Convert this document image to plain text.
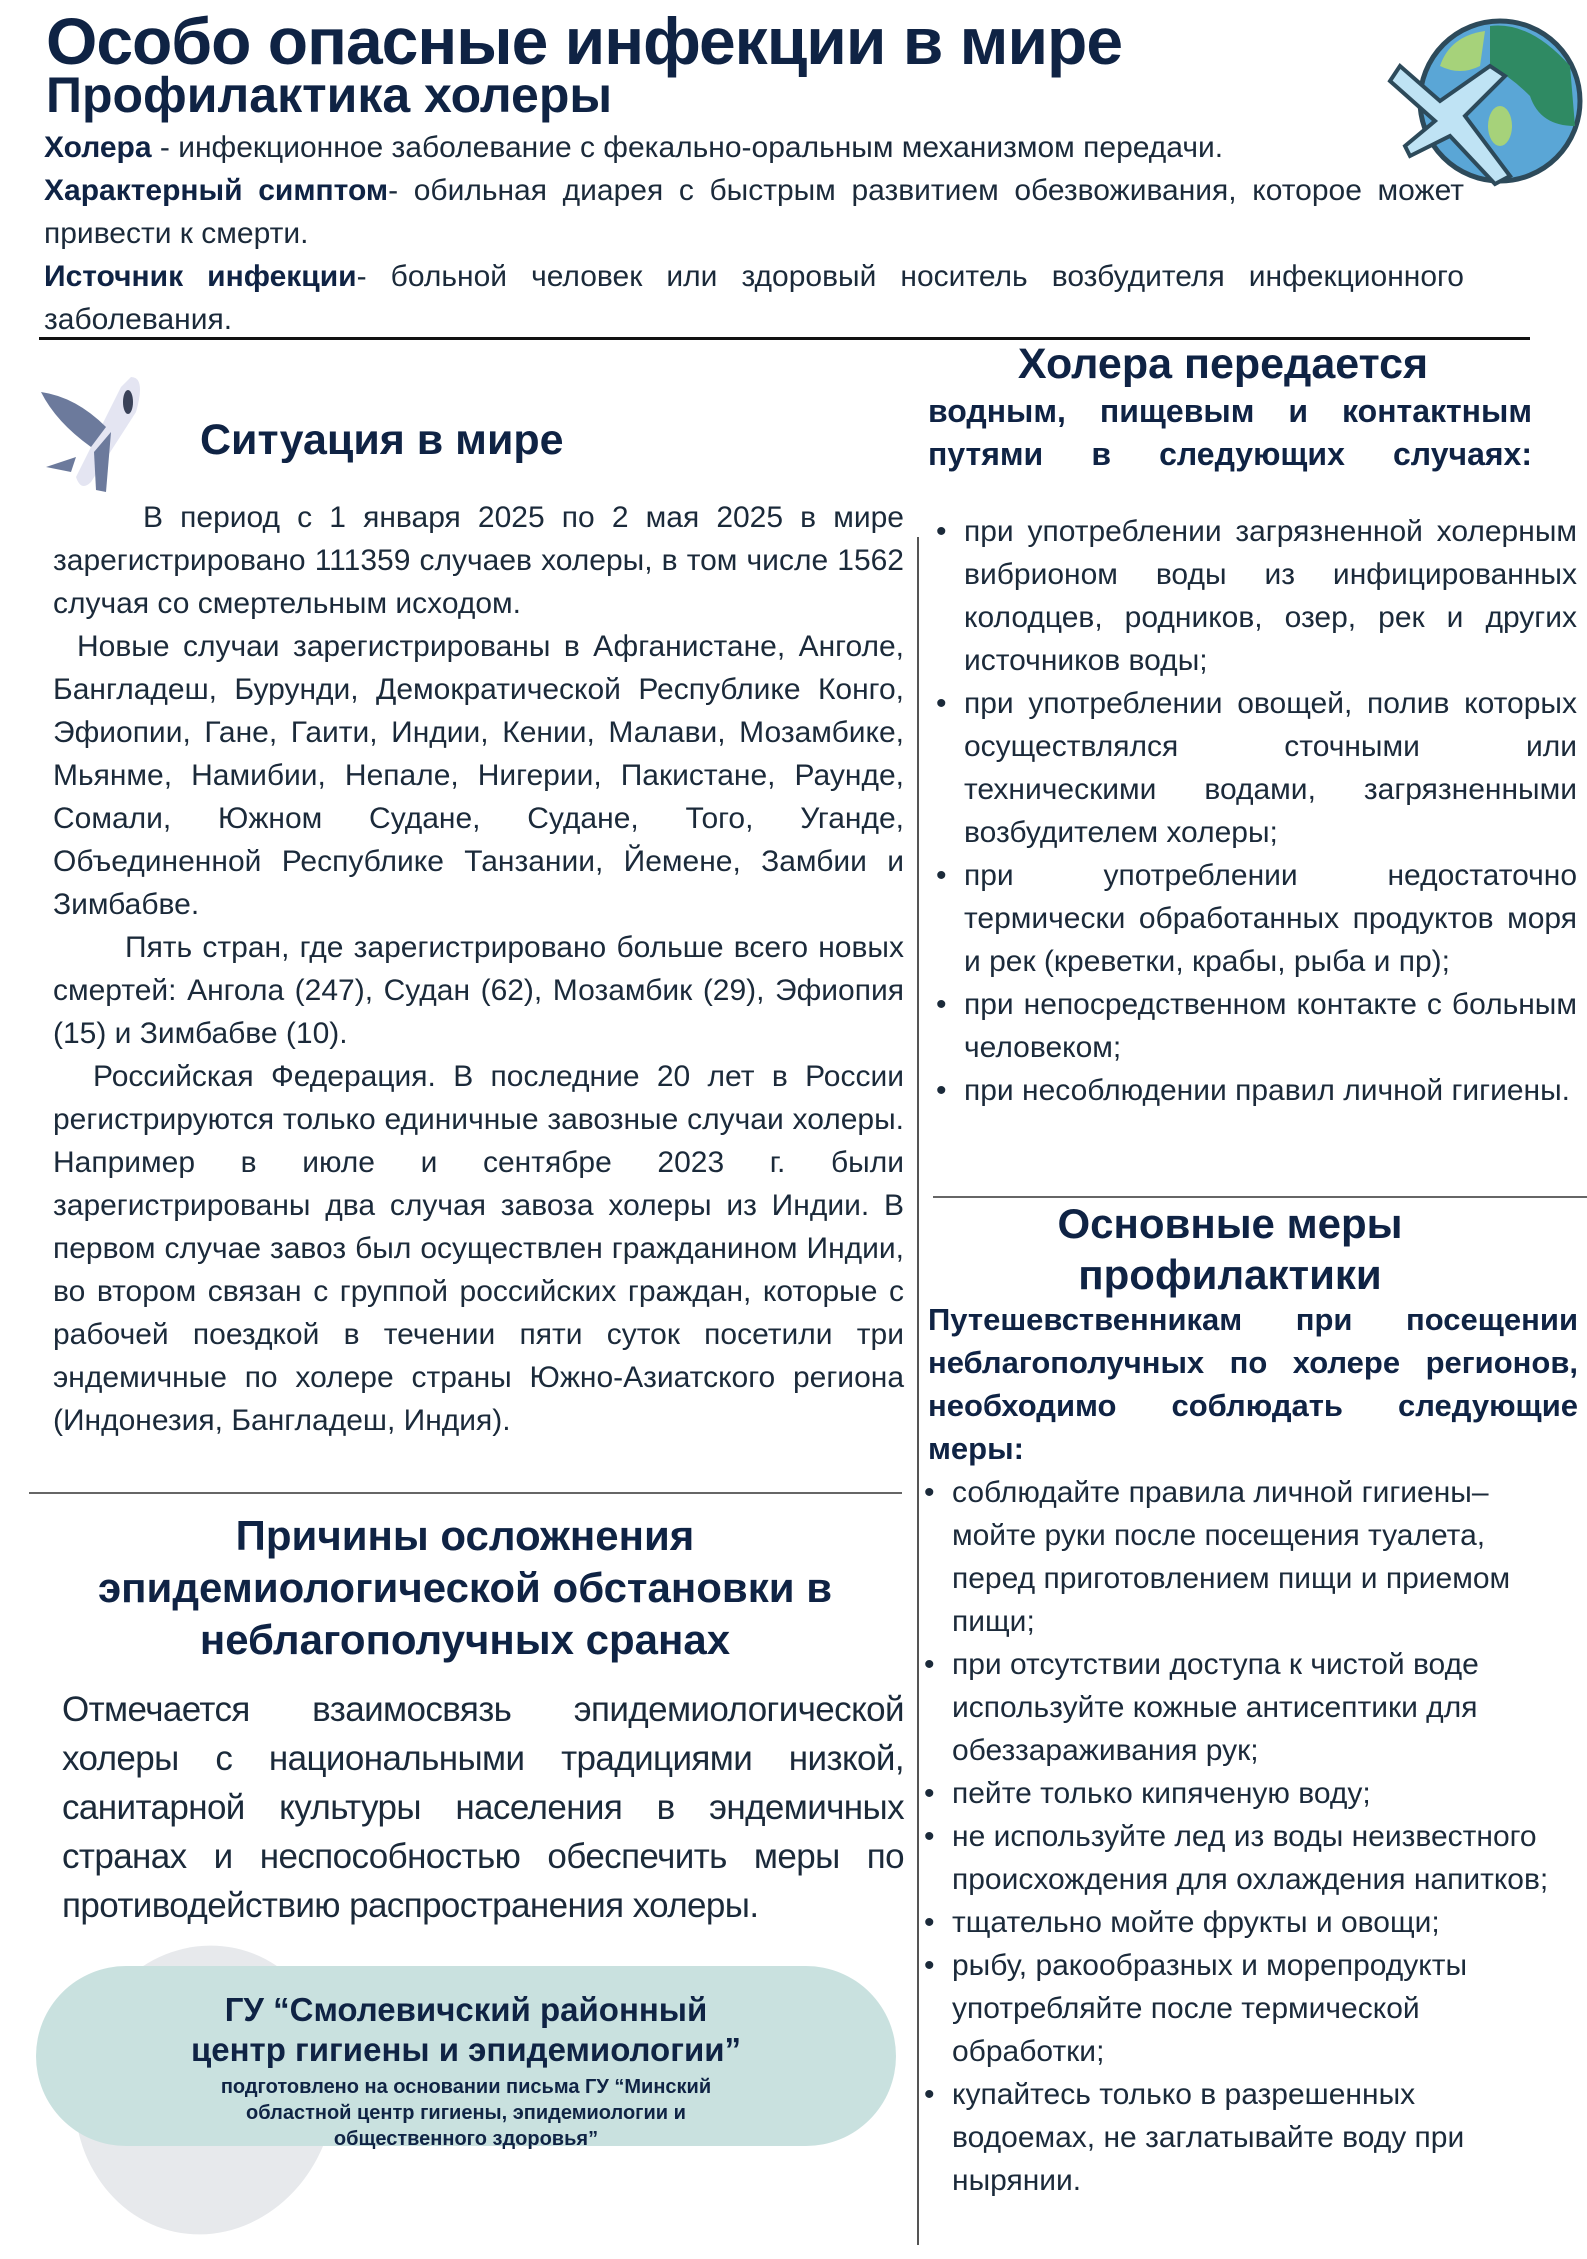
Особо опасные инфекции в мире
Профилактика холеры

Холера - инфекционное заболевание с фекально-оральным механизмом передачи.

Характерный симптом- обильная диарея с быстрым развитием обезвоживания, которое может привести к смерти.

Источник инфекции- больной человек или здоровый носитель возбудителя инфекционного заболевания.

Ситуация в мире

В период с 1 января 2025 по 2 мая 2025 в мире зарегистрировано 111359 случаев холеры, в том числе 1562 случая со смертельным исходом.

Новые случаи зарегистрированы в Афганистане, Анголе, Бангладеш, Бурунди, Демократической Республике Конго, Эфиопии, Гане, Гаити, Индии, Кении, Малави, Мозамбике, Мьянме, Намибии, Непале, Нигерии, Пакистане, Раунде, Сомали, Южном Судане, Судане, Того, Уганде, Объединенной Республике Танзании, Йемене, Замбии и Зимбабве.

Пять стран, где зарегистрировано больше всего новых смертей: Ангола (247), Судан (62), Мозамбик (29), Эфиопия (15) и Зимбабве (10).

Российская Федерация. В последние 20 лет в России регистрируются только единичные завозные случаи холеры. Например в июле и сентябре 2023 г. были зарегистрированы два случая завоза холеры из Индии. В первом случае завоз был осуществлен гражданином Индии, во втором связан с группой российских граждан, которые с рабочей поездкой в течении пяти суток посетили три эндемичные по холере страны Южно-Азиатского региона (Индонезия, Бангладеш, Индия).

Причины осложнения эпидемиологической обстановки в неблагополучных сранах
ГУ “Смолевичский районный центр гигиены и эпидемиологии”
подготовлено на основании письма ГУ “Минский областной центр гигиены, эпидемиологии и общественного здоровья”
Отмечается взаимосвязь эпидемиологической холеры с национальными традициями низкой, санитарной культуры населения в эндемичных странах и неспособностью обеспечить меры по противодействию распространения холеры.
Холера передается
водным, пищевым и контактным путями в следующих случаях:
• при употреблении загрязненной холерным вибрионом воды из инфицированных колодцев, родников, озер, рек и других источников воды;
• при употреблении овощей, полив которых осуществлялся сточными или техническими водами, загрязненными возбудителем холеры;
• при употреблении недостаточно термически обработанных продуктов моря и рек (креветки, крабы, рыба и пр);
• при непосредственном контакте с больным человеком;
• при несоблюдении правил личной гигиены.
Основные меры профилактики
Путешевственникам при посещении неблагополучных по холере регионов, необходимо соблюдать следующие меры:
• соблюдайте правила личной гигиены– мойте руки после посещения туалета, перед приготовлением пищи и приемом пищи;
• при отсутствии доступа к чистой воде используйте кожные антисептики для обеззараживания рук;
• пейте только кипяченую воду;
• не используйте лед из воды неизвестного происхождения для охлаждения напитков;
• тщательно мойте фрукты и овощи;
• рыбу, ракообразных и морепродукты употребляйте после термической обработки;
• купайтесь только в разрешенных водоемах, не заглатывайте воду при нырянии.
